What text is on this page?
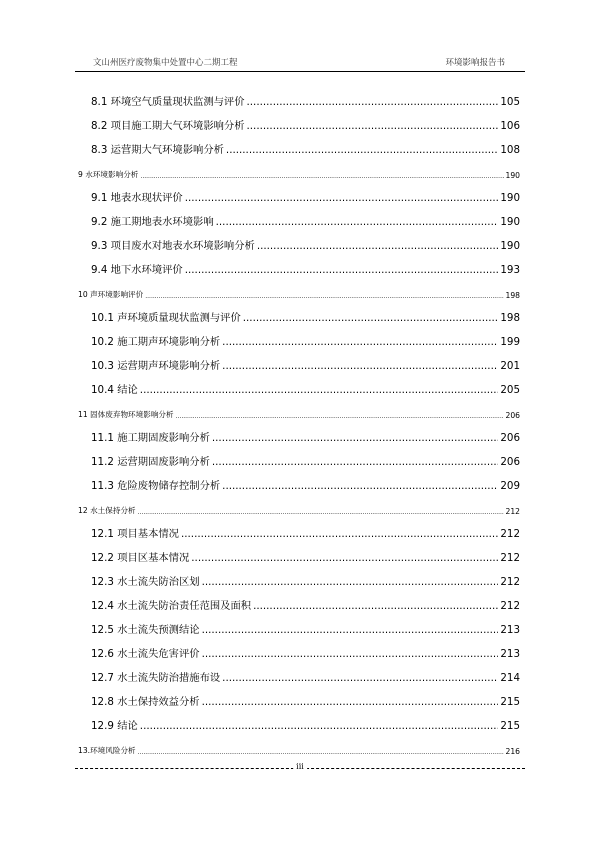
文山州医疗废物集中处置中心二期工程	环境影响报告书
8.1 环境空气质量现状监测与评价 .....	105
8.2 项目施工期大气环境影响分析 .....	106
8.3 运营期大气环境影响分析 .....	108
9 水环境影响分析 .....	190
9.1 地表水现状评价 .....	190
9.2 施工期地表水环境影响 .....	190
9.3 项目废水对地表水环境影响分析 .....	190
9.4 地下水环境评价 .....	193
10 声环境影响评价 .....	198
10.1 声环境质量现状监测与评价 .....	198
10.2 施工期声环境影响分析 .....	199
10.3 运营期声环境影响分析 .....	201
10.4 结论 .....	205
11 固体废弃物环境影响分析 .....	206
11.1 施工期固废影响分析 .....	206
11.2 运营期固废影响分析 .....	206
11.3 危险废物储存控制分析 .....	209
12 水土保持分析 .....	212
12.1 项目基本情况 .....	212
12.2 项目区基本情况 .....	212
12.3 水土流失防治区划 .....	212
12.4 水土流失防治责任范围及面积 .....	212
12.5 水土流失预测结论 .....	213
12.6 水土流失危害评价 .....	213
12.7 水土流失防治措施布设 .....	214
12.8 水土保持效益分析 .....	215
12.9 结论 .....	215
13.环境风险分析 .....	216
iii
